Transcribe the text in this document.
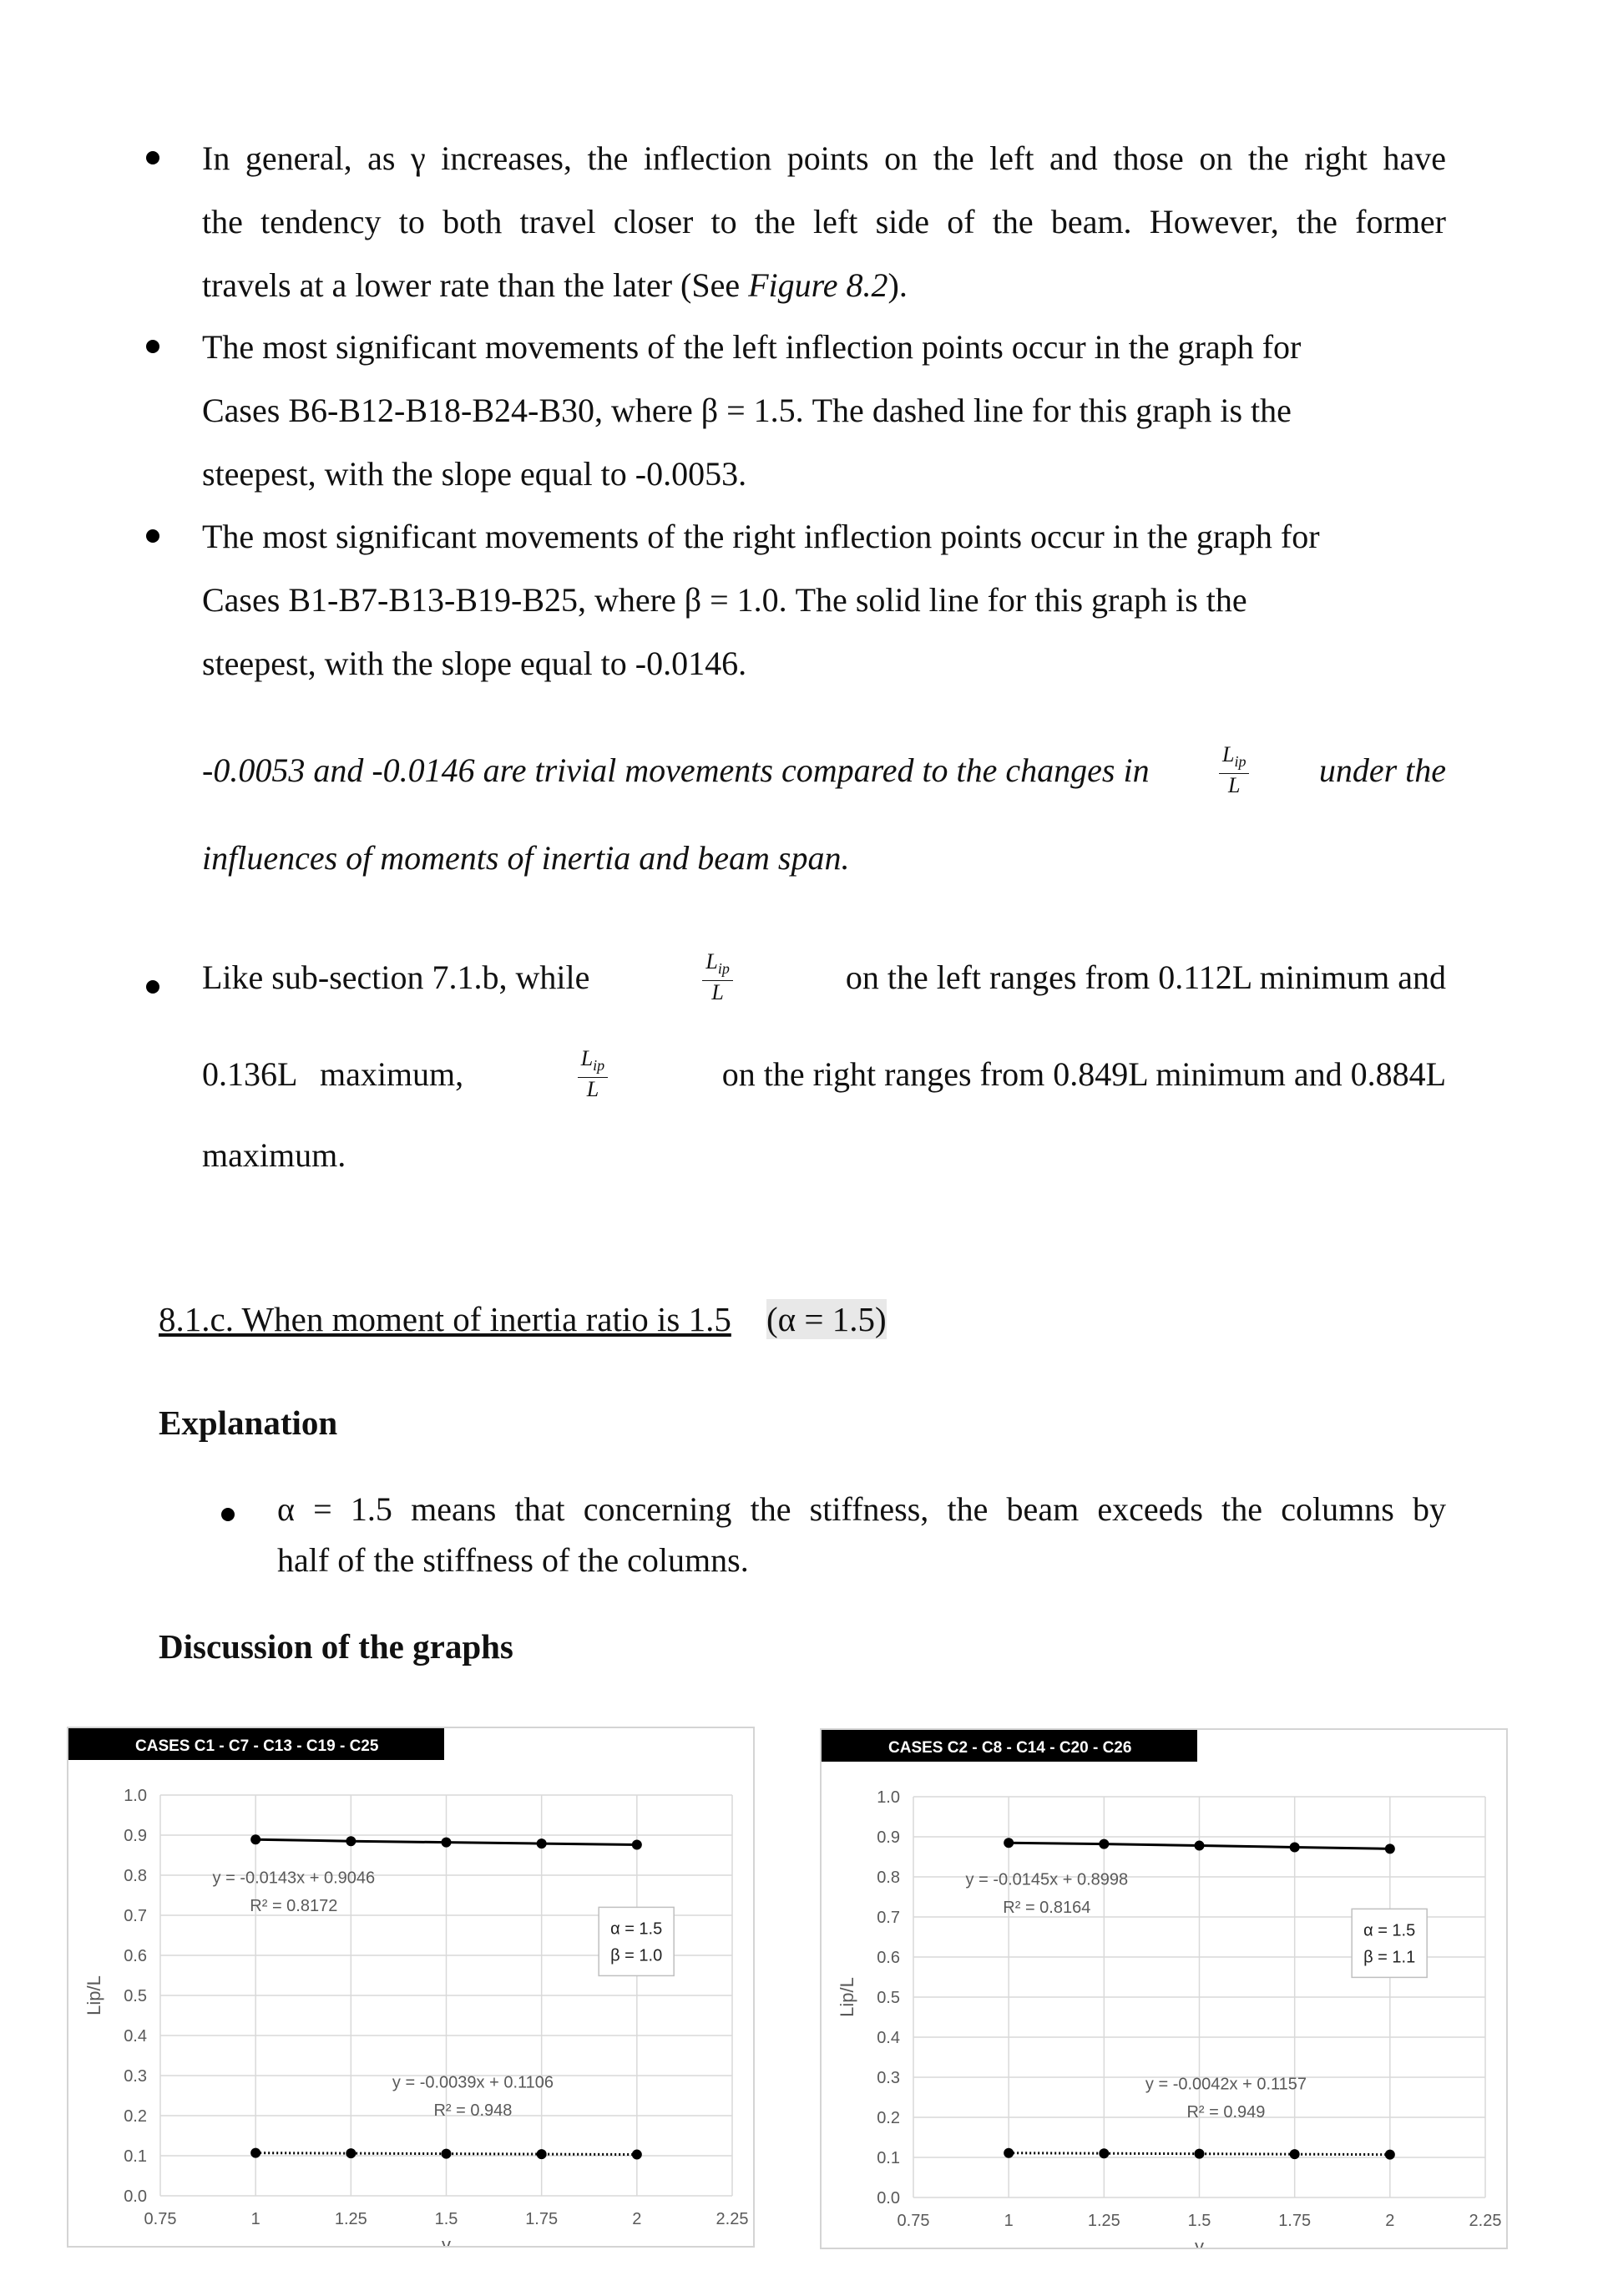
In general, as γ increases, the inflection points on the left and those on the right have
the tendency to both travel closer to the left side of the beam. However, the former
travels at a lower rate than the later (See Figure 8.2).
The most significant movements of the left inflection points occur in the graph for
Cases B6-B12-B18-B24-B30, where β = 1.5. The dashed line for this graph is the
steepest, with the slope equal to -0.0053.
The most significant movements of the right inflection points occur in the graph for
Cases B1-B7-B13-B19-B25, where β = 1.0. The solid line for this graph is the
steepest, with the slope equal to -0.0146.
-0.0053 and -0.0146 are trivial movements compared to the changes in	$\frac{L_{ip}}{L}$ under the
influences of moments of inertia and beam span.
Like sub-section 7.1.b, while	$\frac{L_{ip}}{L}$	on the left ranges from 0.112L minimum and
0.136L maximum,	$\frac{L_{ip}}{L}$	on the right ranges from 0.849L minimum and 0.884L
maximum.
8.1.c. When moment of inertia ratio is 1.5 (α = 1.5)
Explanation
α = 1.5 means that concerning the stiffness, the beam exceeds the columns by
half of the stiffness of the columns.
Discussion of the graphs
CASES C1 - C7 - C13 - C19 - C25
0.0
0.1
0.2
0.3
0.4
0.5
0.6
0.7
0.8
0.9
1.0
0.75	1	1.25	1.5	1.75	2	2.25
γ
Lip/L
y = -0.0143x + 0.9046
R² = 0.8172
y = -0.0039x + 0.1106
R² = 0.948
α = 1.5
β = 1.0
CASES C2 - C8 - C14 - C20 - C26
0.0
0.1
0.2
0.3
0.4
0.5
0.6
0.7
0.8
0.9
1.0
0.75	1	1.25	1.5	1.75	2	2.25
γ
Lip/L
y = -0.0145x + 0.8998
R² = 0.8164
y = -0.0042x + 0.1157
R² = 0.949
α = 1.5
β = 1.1
